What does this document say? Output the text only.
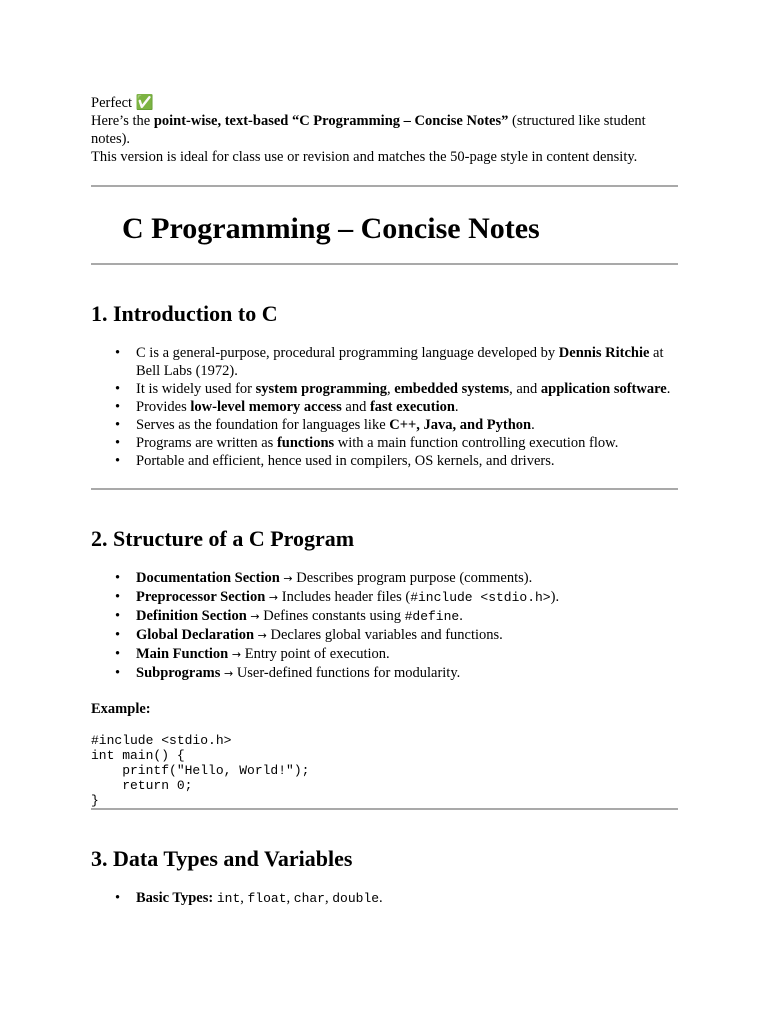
Perfect ✅

Here’s the point-wise, text-based “C Programming – Concise Notes” (structured like student notes).

This version is ideal for class use or revision and matches the 50-page style in content density.

C Programming – Concise Notes
1. Introduction to C
• C is a general-purpose, procedural programming language developed by Dennis Ritchie at Bell Labs (1972).
• It is widely used for system programming, embedded systems, and application software.
• Provides low-level memory access and fast execution.
• Serves as the foundation for languages like C++, Java, and Python.
• Programs are written as functions with a main function controlling execution flow.
• Portable and efficient, hence used in compilers, OS kernels, and drivers.
2. Structure of a C Program
• Documentation Section → Describes program purpose (comments).
• Preprocessor Section → Includes header files (#include <stdio.h>).
• Definition Section → Defines constants using #define.
• Global Declaration → Declares global variables and functions.
• Main Function → Entry point of execution.
• Subprograms → User-defined functions for modularity.

Example:

#include <stdio.h>
int main() {
printf("Hello, World!");
return 0;
}
3. Data Types and Variables
• Basic Types: int, float, char, double.
